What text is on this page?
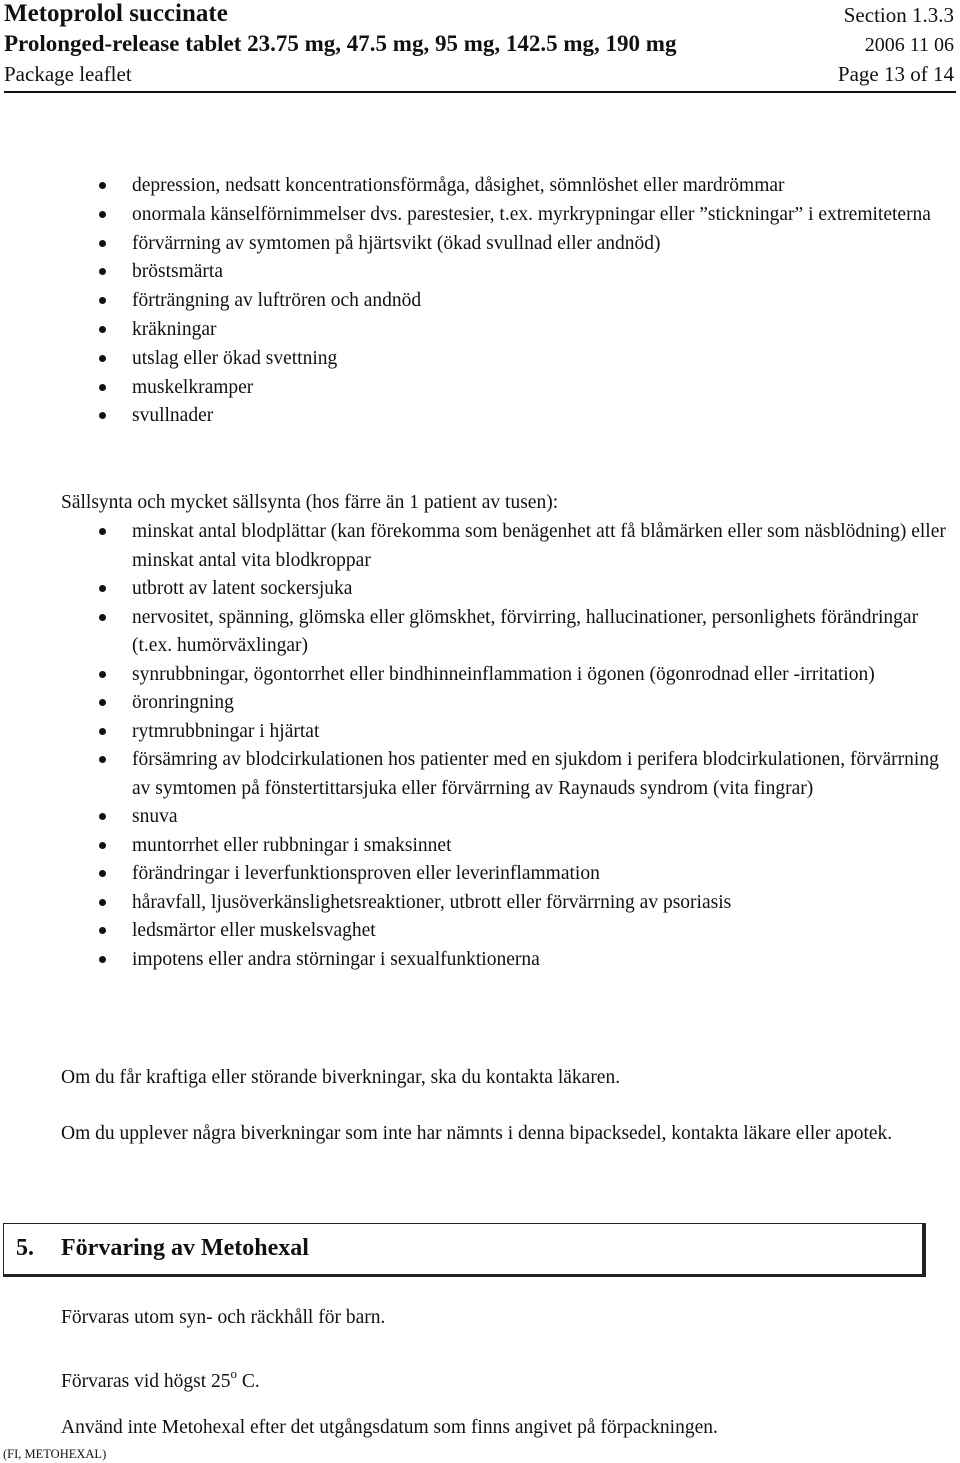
Metoprolol succinate	Section 1.3.3
Prolonged-release tablet 23.75 mg, 47.5 mg, 95 mg, 142.5 mg, 190 mg	2006 11 06
Package leaflet	Page 13 of 14
depression, nedsatt koncentrationsförmåga, dåsighet, sömnlöshet eller mardrömmar
onormala känselförnimmelser dvs. parestesier, t.ex. myrkrypningar eller ”stickningar” i extremiteterna
förvärrning av symtomen på hjärtsvikt (ökad svullnad eller andnöd)
bröstsmärta
förträngning av luftrören och andnöd
kräkningar
utslag eller ökad svettning
muskelkramper
svullnader

Sällsynta och mycket sällsynta (hos färre än 1 patient av tusen):

minskat antal blodplättar (kan förekomma som benägenhet att få blåmärken eller som näsblödning) eller minskat antal vita blodkroppar
utbrott av latent sockersjuka
nervositet, spänning, glömska eller glömskhet, förvirring, hallucinationer, personlighets förändringar (t.ex. humörväxlingar)
synrubbningar, ögontorrhet eller bindhinneinflammation i ögonen (ögonrodnad eller -irritation)
öronringning
rytmrubbningar i hjärtat
försämring av blodcirkulationen hos patienter med en sjukdom i perifera blodcirkulationen, förvärrning av symtomen på fönstertittarsjuka eller förvärrning av Raynauds syndrom (vita fingrar)
snuva
muntorrhet eller rubbningar i smaksinnet
förändringar i leverfunktionsproven eller leverinflammation
håravfall, ljusöverkänslighetsreaktioner, utbrott eller förvärrning av psoriasis
ledsmärtor eller muskelsvaghet
impotens eller andra störningar i sexualfunktionerna

Om du får kraftiga eller störande biverkningar, ska du kontakta läkaren.

Om du upplever några biverkningar som inte har nämnts i denna bipacksedel, kontakta läkare eller apotek.

5. Förvaring av Metohexal

Förvaras utom syn- och räckhåll för barn.

Förvaras vid högst 25$^o$ C.

Använd inte Metohexal efter det utgångsdatum som finns angivet på förpackningen.

(FI, METOHEXAL)
